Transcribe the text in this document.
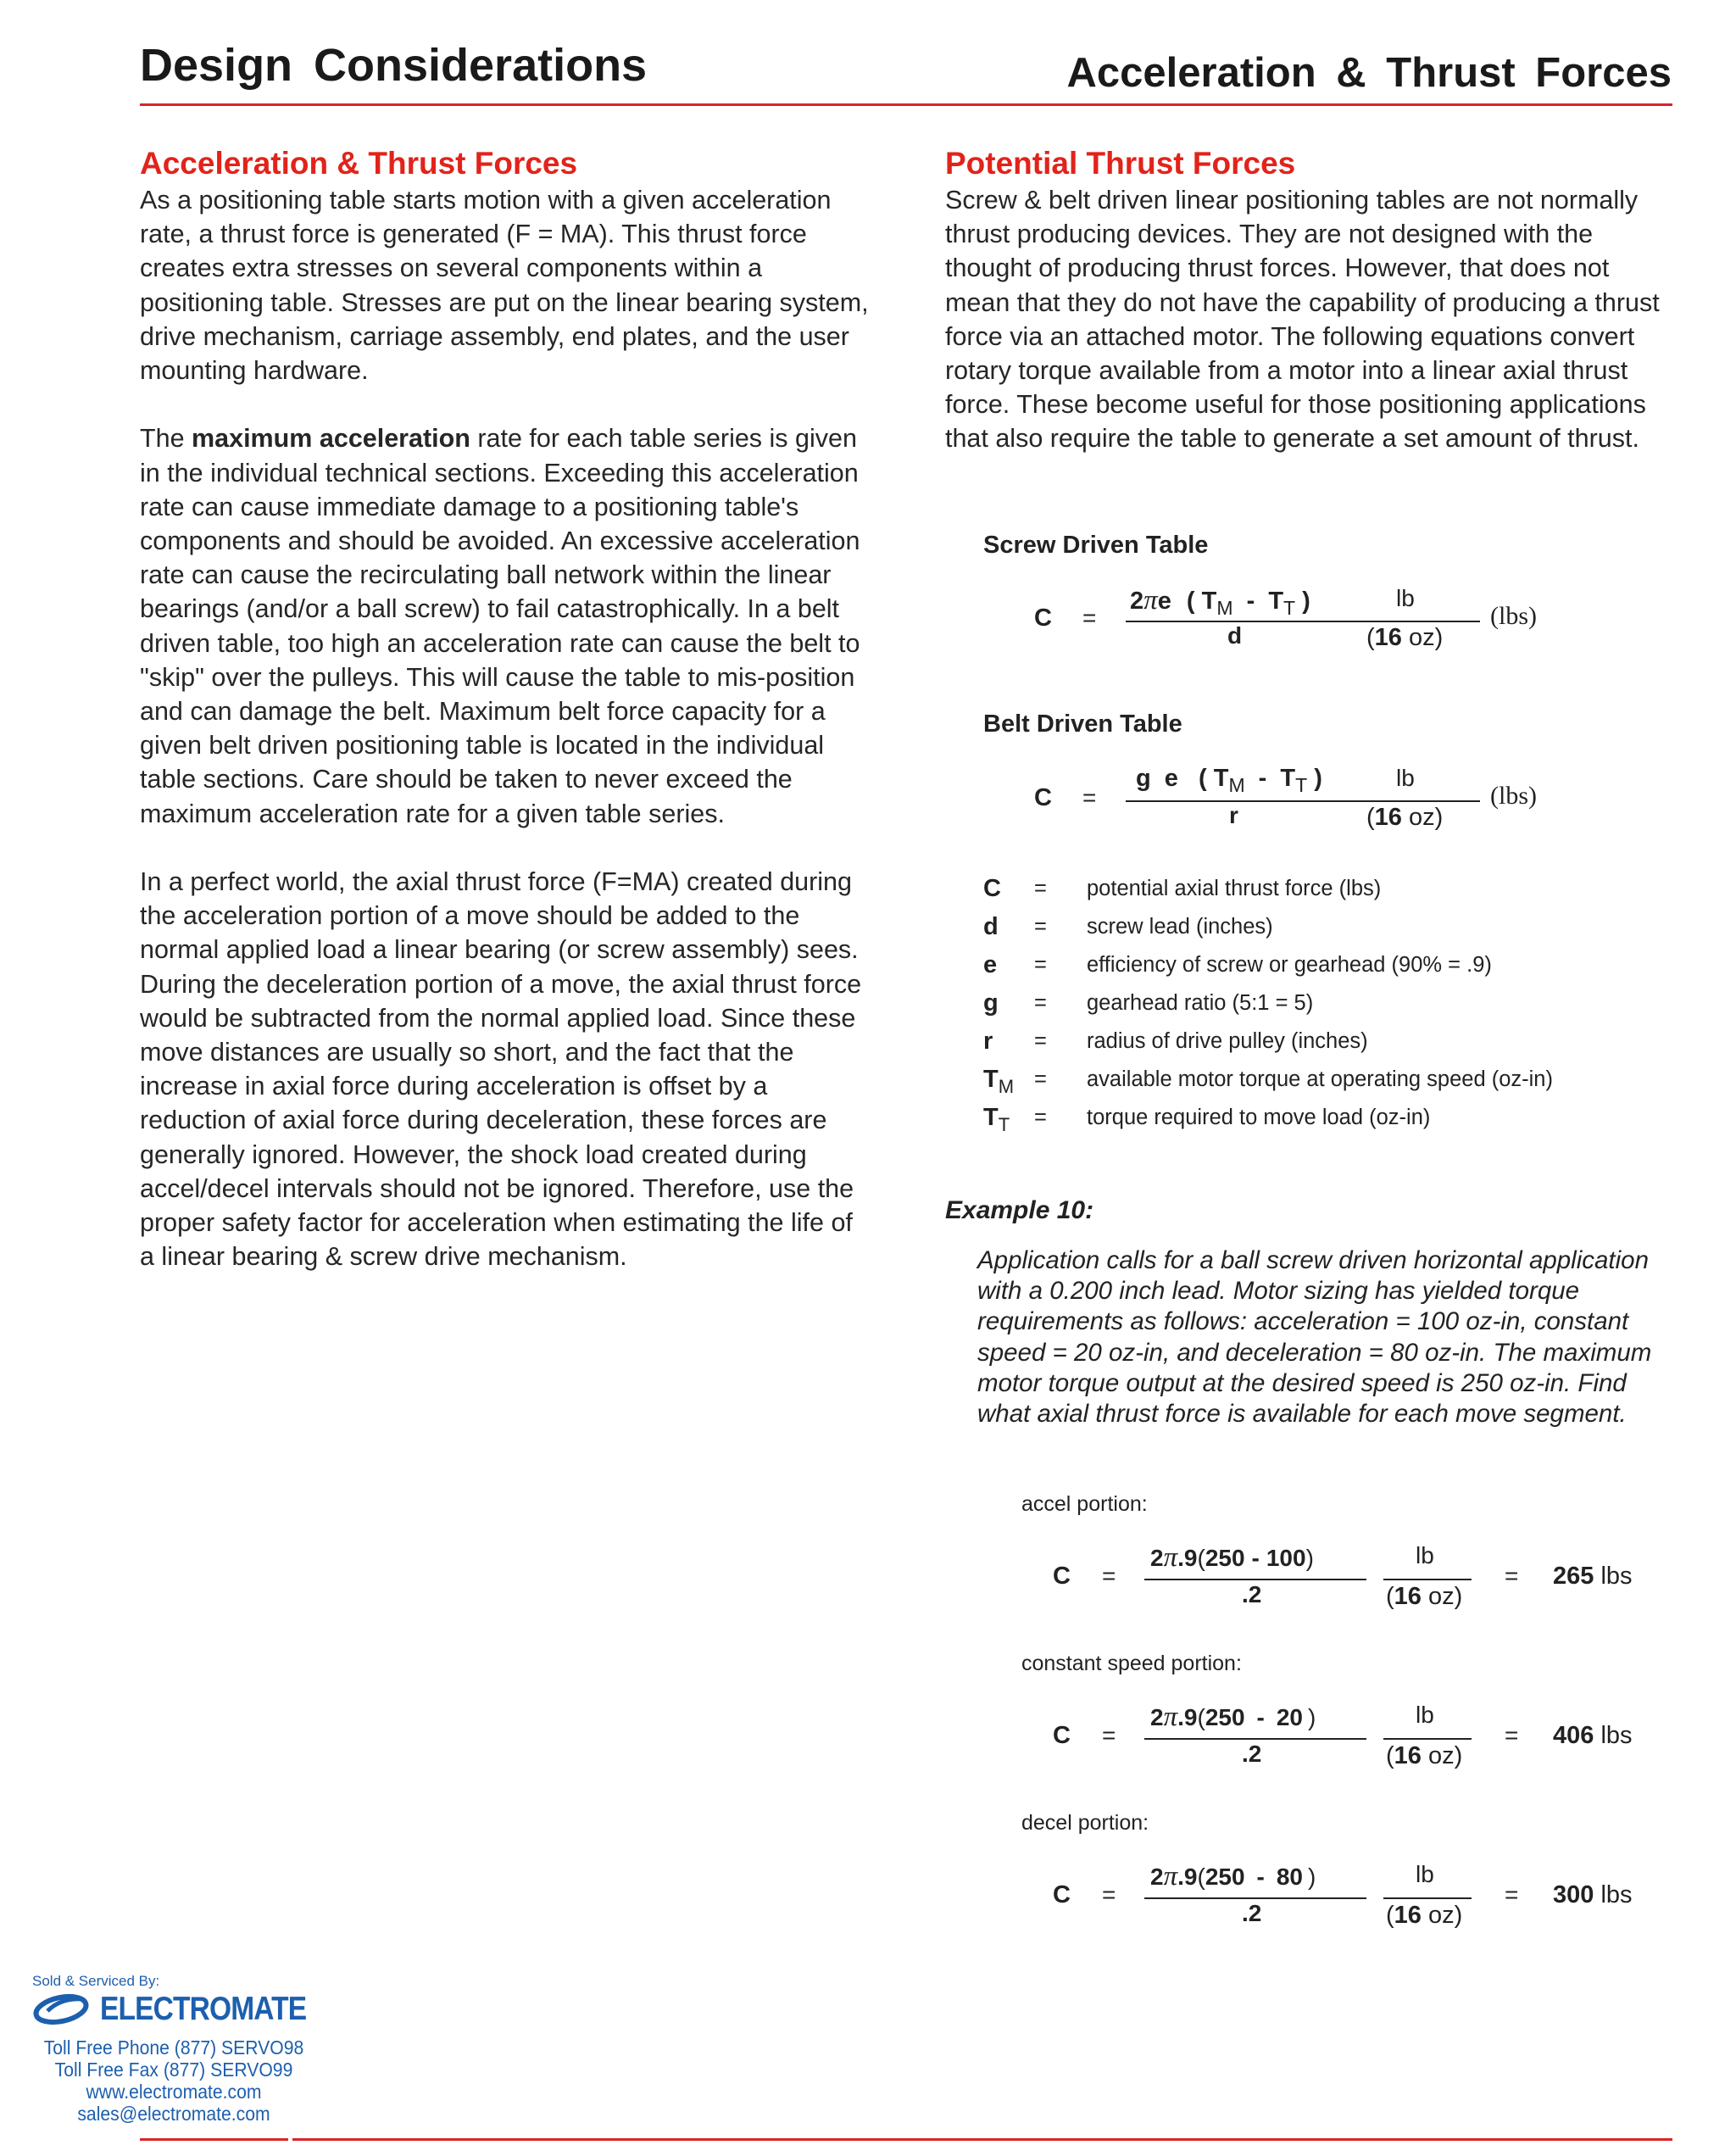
Design Considerations	Acceleration & Thrust Forces
Acceleration & Thrust Forces

As a positioning table starts motion with a given acceleration rate, a thrust force is generated (F = MA). This thrust force creates extra stresses on several components within a positioning table. Stresses are put on the linear bearing system, drive mechanism, carriage assembly, end plates, and the user mounting hardware.

The maximum acceleration rate for each table series is given in the individual technical sections. Exceeding this acceleration rate can cause immediate damage to a positioning table's components and should be avoided. An excessive acceleration rate can cause the recirculating ball network within the linear bearings (and/or a ball screw) to fail catastrophically. In a belt driven table, too high an acceleration rate can cause the belt to "skip" over the pulleys. This will cause the table to mis-position and can damage the belt. Maximum belt force capacity for a given belt driven positioning table is located in the individual table sections. Care should be taken to never exceed the maximum acceleration rate for a given table series.

In a perfect world, the axial thrust force (F=MA) created during the acceleration portion of a move should be added to the normal applied load a linear bearing (or screw assembly) sees. During the deceleration portion of a move, the axial thrust force would be subtracted from the normal applied load. Since these move distances are usually so short, and the fact that the increase in axial force during acceleration is offset by a reduction of axial force during deceleration, these forces are generally ignored. However, the shock load created during accel/decel intervals should not be ignored. Therefore, use the proper safety factor for acceleration when estimating the life of a linear bearing & screw drive mechanism.

Potential Thrust Forces
Screw & belt driven linear positioning tables are not normally thrust producing devices. They are not designed with the thought of producing thrust forces. However, that does not mean that they do not have the capability of producing a thrust force via an attached motor. The following equations convert rotary torque available from a motor into a linear axial thrust force. These become useful for those positioning applications that also require the table to generate a set amount of thrust.
Screw Driven Table
C =
2πe ( $T_M - T_T$ )
d
lb
(16 oz)
(lbs)
Belt Driven Table
C =
g e ( $T_M - T_T$ )
r
lb
(16 oz)
(lbs)
C = potential axial thrust force (lbs)
d = screw lead (inches)
e = efficiency of screw or gearhead (90% = .9)
g = gearhead ratio (5:1 = 5)
r = radius of drive pulley (inches)
$T_M$ = available motor torque at operating speed (oz-in)
$T_T$ = torque required to move load (oz-in)
Example 10:
Application calls for a ball screw driven horizontal application with a 0.200 inch lead. Motor sizing has yielded torque requirements as follows: acceleration = 100 oz-in, constant speed = 20 oz-in, and deceleration = 80 oz-in. The maximum motor torque output at the desired speed is 250 oz-in. Find what axial thrust force is available for each move segment.
accel portion:
C =
2π.9(250 - 100)
.2
lb
(16 oz)
= 265 lbs
constant speed portion:
C =
2π.9(250 - 20 )
.2
lb
(16 oz)
= 406 lbs
decel portion:
C =
2π.9(250 - 80 )
.2
lb
(16 oz)
= 300 lbs
Sold & Serviced By:
ELECTROMATE
Toll Free Phone (877) SERVO98
Toll Free Fax (877) SERVO99
www.electromate.com
sales@electromate.com
